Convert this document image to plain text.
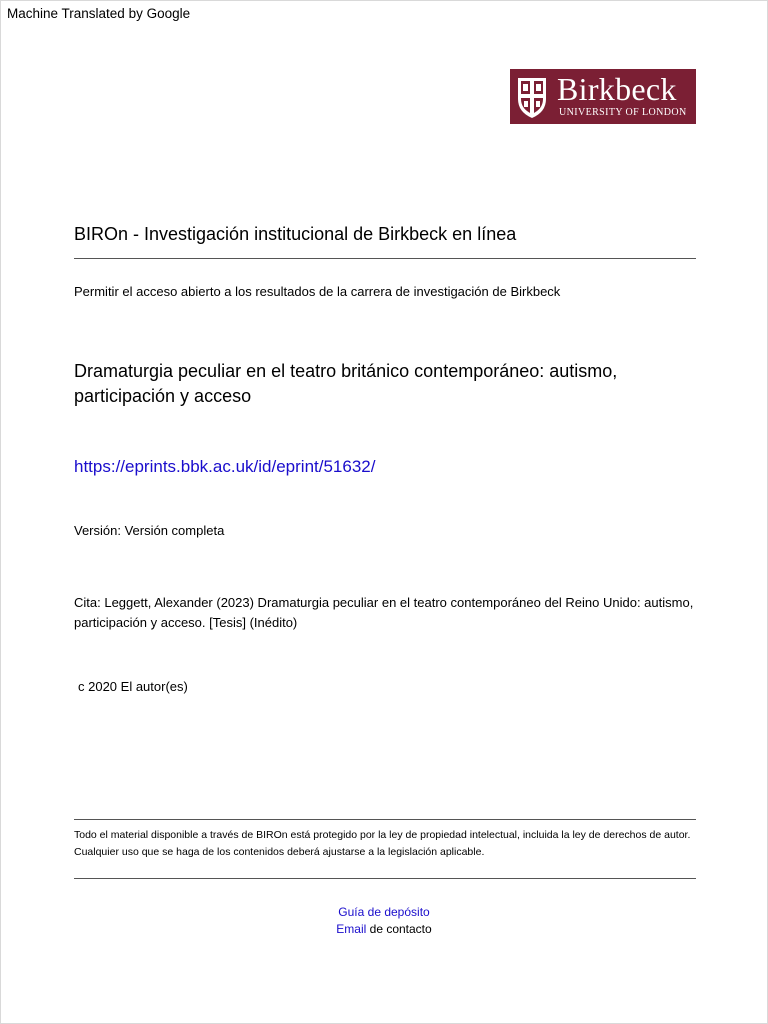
Machine Translated by Google
Birkbeck
UNIVERSITY OF LONDON
BIROn - Investigación institucional de Birkbeck en línea
Permitir el acceso abierto a los resultados de la carrera de investigación de Birkbeck
Dramaturgia peculiar en el teatro británico contemporáneo: autismo, participación y acceso
https://eprints.bbk.ac.uk/id/eprint/51632/
Versión: Versión completa
Cita: Leggett, Alexander (2023) Dramaturgia peculiar en el teatro contemporáneo del Reino Unido: autismo, participación y acceso. [Tesis] (Inédito)
c 2020 El autor(es)

Todo el material disponible a través de BIROn está protegido por la ley de propiedad intelectual, incluida la ley de derechos de autor.

Cualquier uso que se haga de los contenidos deberá ajustarse a la legislación aplicable.

Guía de depósito
Email de contacto
